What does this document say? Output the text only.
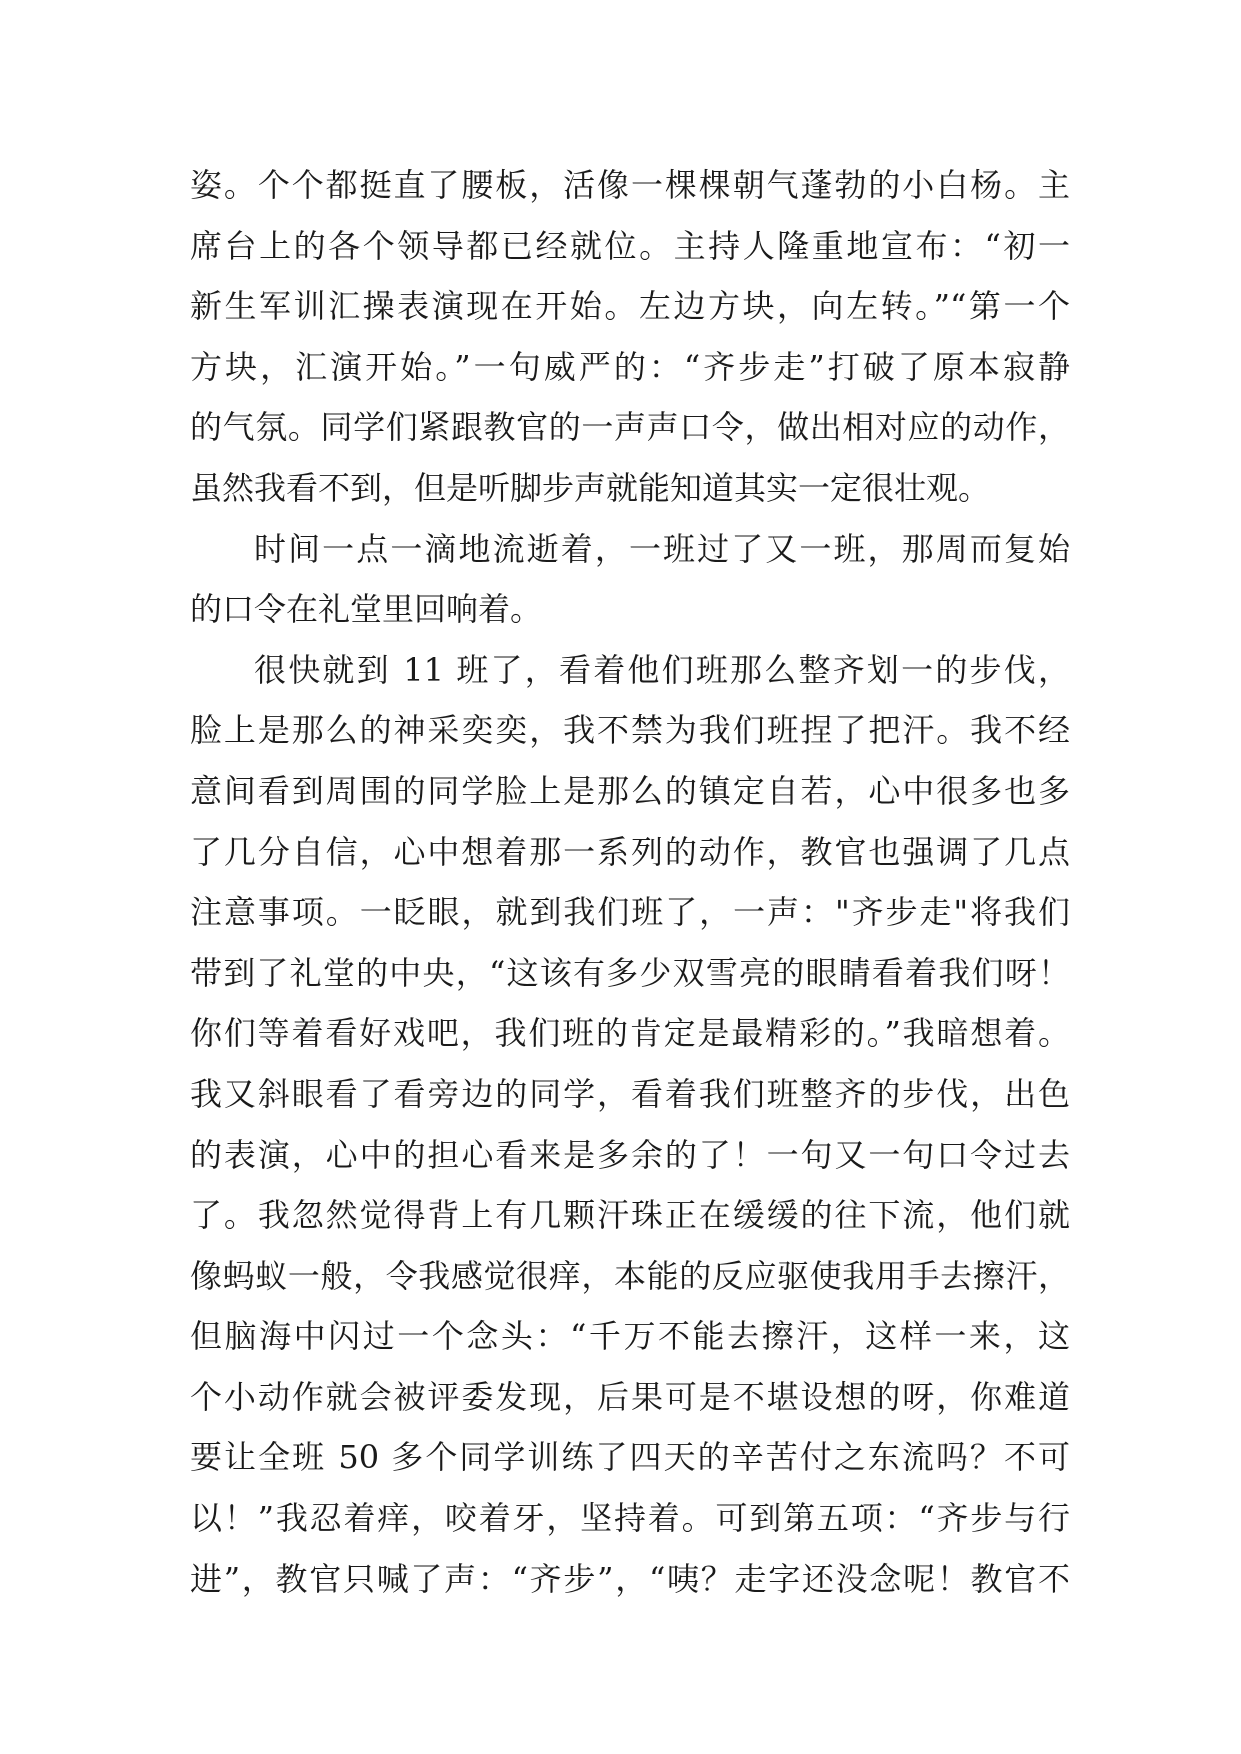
姿。个个都挺直了腰板，活像一棵棵朝气蓬勃的小白杨。主
席台上的各个领导都已经就位。主持人隆重地宣布：“初一
新生军训汇操表演现在开始。左边方块，向左转。”“第一个
方块，汇演开始。”一句威严的：“齐步走”打破了原本寂静
的气氛。同学们紧跟教官的一声声口令，做出相对应的动作，
虽然我看不到，但是听脚步声就能知道其实一定很壮观。
时间一点一滴地流逝着，一班过了又一班，那周而复始
的口令在礼堂里回响着。
很快就到 11 班了，看着他们班那么整齐划一的步伐，
脸上是那么的神采奕奕，我不禁为我们班捏了把汗。我不经
意间看到周围的同学脸上是那么的镇定自若，心中很多也多
了几分自信，心中想着那一系列的动作，教官也强调了几点
注意事项。一眨眼，就到我们班了，一声："齐步走"将我们
带到了礼堂的中央，“这该有多少双雪亮的眼睛看着我们呀！
你们等着看好戏吧，我们班的肯定是最精彩的。”我暗想着。
我又斜眼看了看旁边的同学，看着我们班整齐的步伐，出色
的表演，心中的担心看来是多余的了！一句又一句口令过去
了。我忽然觉得背上有几颗汗珠正在缓缓的往下流，他们就
像蚂蚁一般，令我感觉很痒，本能的反应驱使我用手去擦汗，
但脑海中闪过一个念头：“千万不能去擦汗，这样一来，这
个小动作就会被评委发现，后果可是不堪设想的呀，你难道
要让全班 50 多个同学训练了四天的辛苦付之东流吗？不可
以！”我忍着痒，咬着牙，坚持着。可到第五项：“齐步与行
进”，教官只喊了声：“齐步”，“咦？走字还没念呢！教官不
